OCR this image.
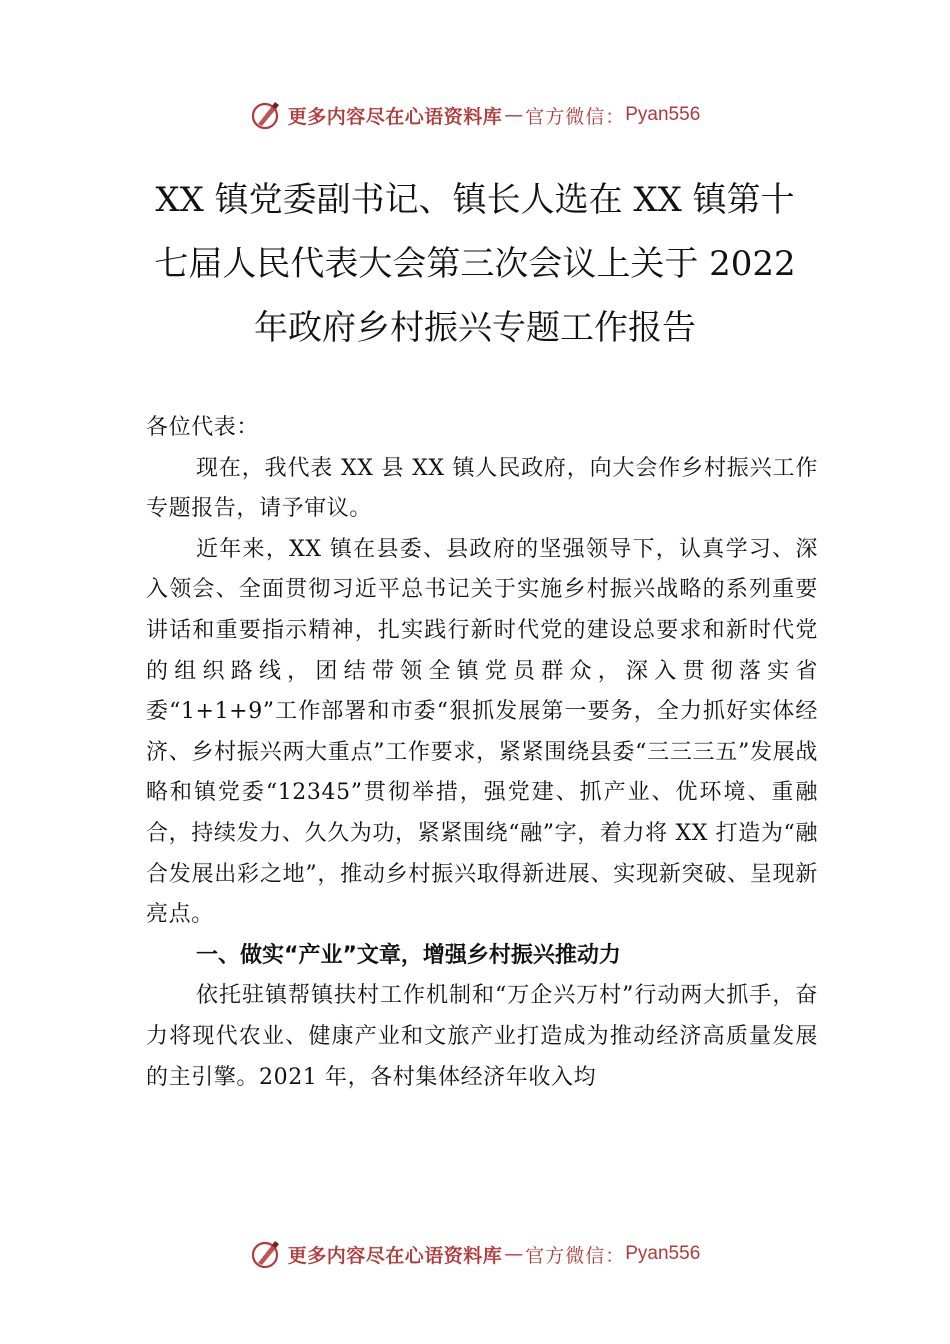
更多内容尽在心语资料库 — 官方微信： Pyan556
XX 镇党委副书记、镇长人选在 XX 镇第十七届人民代表大会第三次会议上关于 2022 年政府乡村振兴专题工作报告

各位代表：

现在，我代表 XX 县 XX 镇人民政府，向大会作乡村振兴工作专题报告，请予审议。

近年来，XX 镇在县委、县政府的坚强领导下，认真学习、深入领会、全面贯彻习近平总书记关于实施乡村振兴战略的系列重要讲话和重要指示精神，扎实践行新时代党的建设总要求和新时代党的组织路线，团结带领全镇党员群众，深入贯彻落实省委“1+1+9”工作部署和市委“狠抓发展第一要务，全力抓好实体经济、乡村振兴两大重点”工作要求，紧紧围绕县委“三三三五”发展战略和镇党委“12345”贯彻举措，强党建、抓产业、优环境、重融合，持续发力、久久为功，紧紧围绕“融”字，着力将 XX 打造为“融合发展出彩之地”，推动乡村振兴取得新进展、实现新突破、呈现新亮点。

一、做实“产业”文章，增强乡村振兴推动力

依托驻镇帮镇扶村工作机制和“万企兴万村”行动两大抓手，奋力将现代农业、健康产业和文旅产业打造成为推动经济高质量发展的主引擎。2021 年，各村集体经济年收入均

更多内容尽在心语资料库 — 官方微信： Pyan556
